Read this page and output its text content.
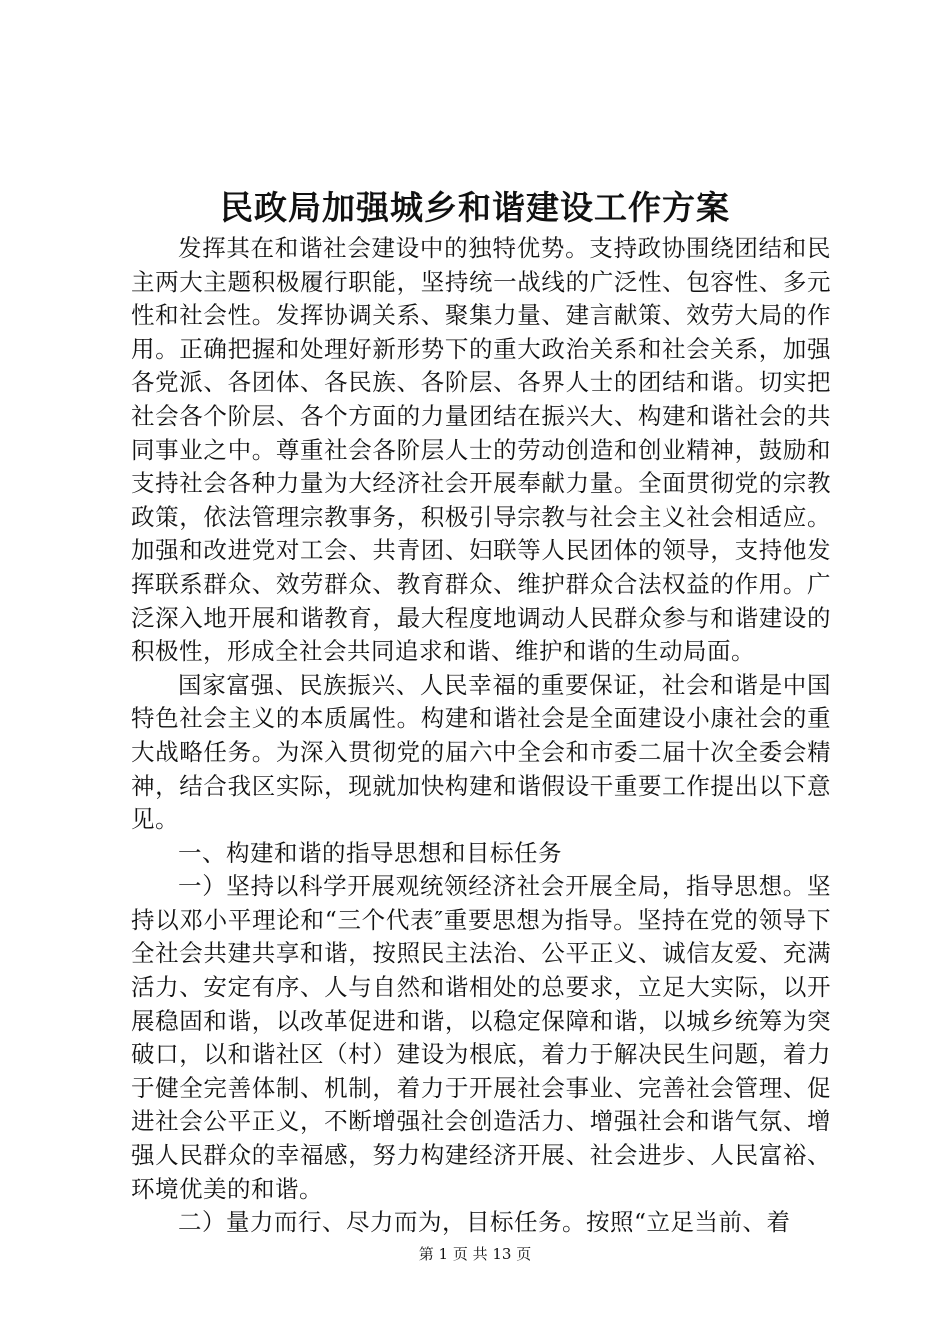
民政局加强城乡和谐建设工作方案

发挥其在和谐社会建设中的独特优势。支持政协围绕团结和民主两大主题积极履行职能，坚持统一战线的广泛性、包容性、多元性和社会性。发挥协调关系、聚集力量、建言献策、效劳大局的作用。正确把握和处理好新形势下的重大政治关系和社会关系，加强各党派、各团体、各民族、各阶层、各界人士的团结和谐。切实把社会各个阶层、各个方面的力量团结在振兴大、构建和谐社会的共同事业之中。尊重社会各阶层人士的劳动创造和创业精神，鼓励和支持社会各种力量为大经济社会开展奉献力量。全面贯彻党的宗教政策，依法管理宗教事务，积极引导宗教与社会主义社会相适应。加强和改进党对工会、共青团、妇联等人民团体的领导，支持他发挥联系群众、效劳群众、教育群众、维护群众合法权益的作用。广泛深入地开展和谐教育，最大程度地调动人民群众参与和谐建设的积极性，形成全社会共同追求和谐、维护和谐的生动局面。

国家富强、民族振兴、人民幸福的重要保证，社会和谐是中国特色社会主义的本质属性。构建和谐社会是全面建设小康社会的重大战略任务。为深入贯彻党的届六中全会和市委二届十次全委会精神，结合我区实际，现就加快构建和谐假设干重要工作提出以下意见。

一、构建和谐的指导思想和目标任务

一）坚持以科学开展观统领经济社会开展全局，指导思想。坚持以邓小平理论和“三个代表″重要思想为指导。坚持在党的领导下全社会共建共享和谐，按照民主法治、公平正义、诚信友爱、充满活力、安定有序、人与自然和谐相处的总要求，立足大实际，以开展稳固和谐，以改革促进和谐，以稳定保障和谐，以城乡统筹为突破口，以和谐社区（村）建设为根底，着力于解决民生问题，着力于健全完善体制、机制，着力于开展社会事业、完善社会管理、促进社会公平正义，不断增强社会创造活力、增强社会和谐气氛、增强人民群众的幸福感，努力构建经济开展、社会进步、人民富裕、环境优美的和谐。

二）量力而行、尽力而为，目标任务。按照“立足当前、着

第 1 页 共 13 页
